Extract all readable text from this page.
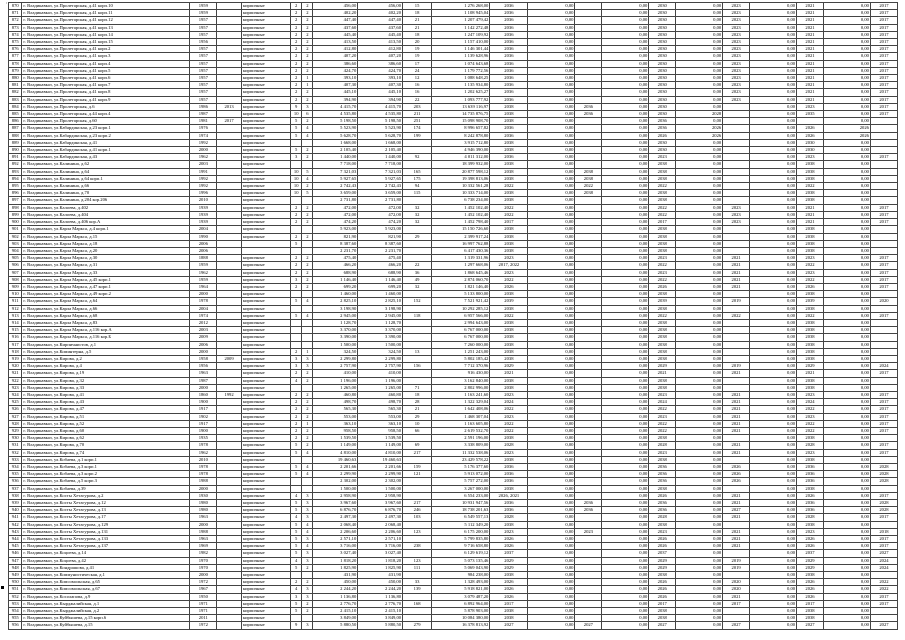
' 870	г. Владикавказ, ул.Пролетарская, д.41 корп.10	1959		кирпичные	2	2	456,00	456,00	15	1 276 268,00	2036	0,00		0,00	2030	0,00	2023	0,00	2021	0,00	2017
871	г. Владикавказ, ул.Пролетарская, д.41 корп.11	1959		кирпичные	2	2	402,20	402,20	18	1 108 945,04	2036	0,00		0,00	2030	0,00	2023	0,00	2021	0,00	2017
872	г. Владикавказ, ул.Пролетарская, д.41 корп.12	1957		кирпичные	2	2	447,40	447,40	21	1 207 479,42	2036	0,00		0,00	2030	0,00	2023	0,00	2021	0,00	2017
873	г. Владикавказ, ул.Пролетарская, д.41 корп.13	1957		кирпичные	2	2	437,60	437,60	21	1 142 272,48	2036	0,00		0,00	2030	0,00	2023	0,00	2021	0,00	2017
874	г. Владикавказ, ул.Пролетарская, д.41 корп.14	1957		кирпичные	2	2	445,40	445,40	18	1 247 109,92	2036	0,00		0,00	2030	0,00	2023	0,00	2021	0,00	2017
875	г. Владикавказ, ул.Пролетарская, д.41 корп.15	1956		кирпичные	2	2	413,50	413,50	20	1 157 410,00	2036	0,00		0,00	2030	0,00	2023	0,00	2021	0,00	2017
876	г. Владикавказ, ул.Пролетарская, д.41 корп.2	1957		кирпичные	2	2	412,80	412,80	19	1 146 301,44	2036	0,00		0,00	2030	0,00	2023	0,00	2021	0,00	2017
877	г. Владикавказ, ул.Пролетарская, д.41 корп.3	1957		кирпичные	2	2	407,20	407,20	19	1 139 628,96	2036	0,00		0,00	2030	0,00	2023	0,00	2021	0,00	2017
878	г. Владикавказ, ул.Пролетарская, д.41 корп.4	1957		кирпичные	2	2	386,60	386,60	17	1 074 643,68	2036	0,00		0,00	2030	0,00	2023	0,00	2021	0,00	2017
879	г. Владикавказ, ул.Пролетарская, д.41 корп.5	1957		кирпичные	2	2	424,70	424,70	24	1 179 772,56	2036	0,00		0,00	2030	0,00	2023	0,00	2021	0,00	2017
880	г. Владикавказ, ул.Пролетарская, д.41 корп.6	1957		кирпичные	2	1	393,10	393,10	12	1 088 648,25	2036	0,00		0,00	2030	0,00	2023	0,00	2021	0,00	2017
881	г. Владикавказ, ул.Пролетарская, д.41 корп.7	1957		кирпичные	2	1	407,30	407,30	16	1 135 934,80	2036	0,00		0,00	2030	0,00	2023	0,00	2021	0,00	2017
882	г. Владикавказ, ул.Пролетарская, д.41 корп.8	1957		кирпичные	2	2	445,10	445,10	16	1 202 625,27	2036	0,00		0,00	2030	0,00	2023	0,00	2021	0,00	2017
883	г. Владикавказ, ул.Пролетарская, д.41 корп.9	1957		кирпичные	2	2	394,90	394,90	22	1 093 777,92	2036	0,00		0,00	2030	0,00	2023	0,00	2021	0,00	2017
884	г. Владикавказ, ул.Пролетарская, д.6	1986	2013	кирпичные	9	3	4 415,70	4 415,70	203	13 639 116,97	2038	0,00	2036	0,00	2030	0,00		0,00	2023	0,00	2017
885	г. Владикавказ, ул.Пролетарская, д.44 корп.4	1987		кирпичные	10	6	4 535,80	4 535,80	211	14 735 876,75	2038	0,00	2036	0,00	2030	2028		0,00	2035	0,00	2017
886	г. Владикавказ, ул.Пролетарская, д.60	1981	2017	кирпичные	5	2	5 198,50	5 198,50	251	15 098 908,70	2038	0,00		0,00	2036	0,00		0,00		0,00	
887	г. Владикавказ, ул.Кабардинская, д.23 корп.1	1976		кирпичные	5	4	5 523,90	5 523,90	174	8 996 657,82	2036	0,00		0,00	2036	2026		0,00	2026	2026	
888	г. Владикавказ, ул.Кабардинская, д.23 корп.2	1974		кирпичные	5	4	5 628,70	5 628,70	199	8 242 878,80	2036	0,00		0,00	2026	2026		0,00	2026	2026	
889	г. Владикавказ, ул.Кабардинская, д.41	1992		кирпичные			1 668,00	1 668,00		3 915 712,80	2038	0,00		0,00	2030	0,00		0,00	2030	0,00	
890	г. Владикавказ, ул.Кабардинская, д.41 корп.1	2000		кирпичные	5	2	2 105,40	2 105,40		4 946 390,00	2038	0,00		0,00	2030	0,00		0,00	2030	0,00	
891	г. Владикавказ, ул.Кабардинская, д.43	1962		кирпичные	3	2	1 440,00	1 440,00	92	4 011 312,00	2036	0,00		0,00	2023	0,00		0,00	2023	0,00	2017
892	г. Владикавказ, ул.Калинина, д.62	2003		кирпичные			7 718,00	7 718,00		18 399 932,00	2038	0,00		0,00	2038	0,00		0,00	2038	0,00	
893	г. Владикавказ, ул.Калинина, д.64	1991		кирпичные	10	5	7 321,03	7 321,03	165	20 877 598,12	2038	0,00	2038	0,00	2038	0,00		0,00	2038	0,00	
894	г. Владикавказ, ул.Калинина, д.64 корп.1	1992		кирпичные	10	4	5 927,65	5 927,65	175	19 398 813,06	2038	0,00	2038	0,00	2038	0,00		0,00	2038	0,00	
895	г. Владикавказ, ул.Калинина, д.66	1992		кирпичные	10	2	2 742,43	2 742,43	94	10 332 561,28	2022	0,00	2022	0,00	2022	0,00		0,00	2022	0,00	
896	г. Владикавказ, ул.Калинина, д.70	1996		кирпичные	10	5	3 659,00	3 659,00	115	10 333 714,00	2038	0,00	2038	0,00	2038	0,00		0,00	2038	0,00	
897	г. Владикавказ, ул.Калинина, д.204 кор.206	2010		кирпичные			2 731,80	2 731,80		6 738 234,00	2038	0,00		0,00	2038	0,00		0,00	2038	0,00	
898	г. Владикавказ, ул.Калоева, д.402	1939		кирпичные	2	2	472,00	472,00	32	1 452 102,40	2022	0,00		0,00	2022	0,00	2023	0,00	2021	0,00	2017
899	г. Владикавказ, ул.Калоева, д.404	1939		кирпичные	2	2	472,00	472,00	32	1 452 102,40	2022	0,00		0,00	2022	0,00	2023	0,00	2021	0,00	2017
900	г. Владикавказ, ул.Калоева, д.406 кор.А	1939		кирпичные	2	2	474,20	474,20	32	1 452 798,40	2017	0,00		0,00	2017	0,00	2023	0,00	2021	0,00	2017
901	г. Владикавказ, ул.Карла Маркса, д.4 корп.1	2004		кирпичные			5 923,00	5 923,00		15 150 726,60	2038	0,00		0,00	2038	0,00		0,00	2038	0,00	
902	г. Владикавказ, ул.Карла Маркса, д.15	1990		кирпичные	2	2	821,90	821,90	29	2 399 917,24	2038	0,00		0,00	2038	0,00		0,00	2038	0,00	
903	г. Владикавказ, ул.Карла Маркса, д.18	2006			5		8 387,60	8 387,60		16 997 762,88	2038	0,00		0,00	2038	0,00		0,00	2038	0,00	
904	г. Владикавказ, ул.Карла Маркса, д.20	2006					2 231,70	2 231,70		6 417 430,36	2038	0,00		0,00	2038	0,00		0,00	2038	0,00	
905	г. Владикавказ, ул.Карла Маркса, д.30	1888		кирпичные	2	2	475,40	475,40		1 319 331,96	2023	0,00		0,00	2023	0,00	2021	0,00	2023	0,00	2017
906	г. Владикавказ, ул.Карла Маркса, д.31	1959		кирпичные	2	2	466,20	466,20	22	1 297 668,06	2017, 2022	0,00		0,00	2022	0,00	2021	0,00	2022	0,00	2017
907	г. Владикавказ, ул.Карла Маркса, д.33	1962		кирпичные	2	2	688,90	688,90	36	1 868 645,46	2023	0,00		0,00	2023	0,00	2021	0,00	2023	0,00	2017
908	г. Владикавказ, ул.Карла Маркса, д.45 корп.1	1959		кирпичные	3	2	1 146,40	1 146,40	49	2 874 060,70	2022	0,00		0,00	2022	0,00	2021	0,00	2022	0,00	2017
909	г. Владикавказ, ул.Карла Маркса, д.47 корп.1	1964		кирпичные	2	2	699,20	699,20	32	1 821 146,40	2026	0,00		0,00	2026	0,00	2021	0,00	2026	0,00	2017
910	г. Владикавказ, ул.Карла Маркса, д.49 корп.2	2000		кирпичные			1 460,00	1 460,00		5 133 800,00	2038	0,00		0,00	2038	0,00		0,00	2038	0,00	
911	г. Владикавказ, ул.Карла Маркса, д.64	1978		кирпичные	5	4	2 825,10	2 825,10	152	7 521 921,42	2039	0,00		0,00	2039	0,00	2019	0,00	2039	0,00	2020
912	г. Владикавказ, ул.Карла Маркса, д.66	2004		кирпичные			3 198,90	3 198,90		10 292 285,12	2038	0,00		0,00	2038	0,00		0,00	2038	0,00	
913	г. Владикавказ, ул.Карла Маркса, д.68	1974		кирпичные	5	4	2 945,00	2 945,00	118	6 957 566,00	2022	0,00		0,00	2022	0,00	2022	0,00	2022	0,00	2017
914	г. Владикавказ, ул.Карла Маркса, д.83	2012		кирпичные			1 128,70	1 128,70		2 994 643,00	2038	0,00		0,00	2038	0,00		0,00	2038	0,00	
915	г. Владикавказ, ул.Карла Маркса, д.116 кор.А	2003		кирпичные			3 370,00	3 370,00		6 767 000,00	2038	0,00		0,00	2038	0,00		0,00	2038	0,00	
916	г. Владикавказ, ул.Карла Маркса, д.116 кор.Б	2009		кирпичные			3 390,00	3 390,00		6 767 000,00	2038	0,00		0,00	2038	0,00		0,00	2038	0,00	
917	г. Владикавказ, ул.Кирпичнистов, д.1	2006		кирпичные			1 500,00	1 500,00		7 260 000,00	2038	0,00		0,00	2038	0,00		0,00	2038	0,00	
918	г. Владикавказ, ул.Коминтерна, д.5	2000		кирпичные	2	1	324,50	324,50	13	1 251 243,00	2038	0,00		0,00	2038	0,00		0,00	2038	0,00	
919	г. Владикавказ, ул.Кирова, д.2	1958	2009	кирпичные	3	3	2 299,80	2 299,80		5 802 185,42	2038	0,00		0,00	2038	0,00		0,00	2038	0,00	
920	г. Владикавказ, ул.Кирова, д.4	1956		кирпичные	3	3	2 757,90	2 757,90	156	7 712 370,96	2029	0,00		0,00	2029	0,00	2019	0,00	2029	0,00	2024
921	г. Владикавказ, ул.Кирова, д.19	1963		кирпичные	2	2	410,00	410,00		916 430,00	2021	0,00		0,00	2021	0,00	2021	0,00	2021	0,00	2017
922	г. Владикавказ, ул.Кирова, д.32	1987		кирпичные	4	2	1 196,00	1 196,00		3 162 840,00	2038	0,00		0,00	2038	0,00		0,00	2038	0,00	
923	г. Владикавказ, ул.Кирова, д.33	2000		кирпичные			1 265,00	1 265,00	71	2 802 996,00	2038	0,00		0,00	2038	0,00		0,00	2038	0,00	
924	г. Владикавказ, ул.Кирова, д.41	1860	1992	кирпичные	2	2	460,80	460,80	18	1 163 241,60	2023	0,00		0,00	2023	0,00	2021	0,00	2023	0,00	2017
925	г. Владикавказ, ул.Кирова, д.43	1900		кирпичные	2	2	498,70	498,70	28	1 322 329,04	2024	0,00		0,00	2024	0,00	2021	0,00	2024	0,00	2017
926	г. Владикавказ, ул.Кирова, д.47	1917		кирпичные	2	2	565,30	565,30	21	1 642 408,06	2022	0,00		0,00	2022	0,00	2021	0,00	2022	0,00	2017
927	г. Владикавказ, ул.Кирова, д.51	1902		кирпичные	2	2	553,00	553,00	29	1 468 307,04	2023	0,00		0,00	2023	0,00	2021	0,00	2023	0,00	2017
928	г. Владикавказ, ул.Кирова, д.52	1917		кирпичные	2	1	363,10	363,10	10	1 163 605,80	2022	0,00		0,00	2022	0,00	2021	0,00	2022	0,00	2017
929	г. Владикавказ, ул.Кирова, д.60	1900		кирпичные	2	2	958,50	958,50	66	2 619 532,70	2022	0,00		0,00	2022	0,00	2021	0,00	2022	0,00	2017
930	г. Владикавказ, ул.Кирова, д.62	1935		кирпичные	2	2	1 539,50	1 539,50		2 591 196,00	2038	0,00		0,00	2038	0,00		0,00	2038	0,00	
931	г. Владикавказ, ул.Кирова, д.70	1978		кирпичные	5	2	1 149,00	1 149,00	69	3 338 809,00	2028	0,00		0,00	2028	0,00	2021	0,00	2028	0,00	2017
932	г. Владикавказ, ул.Кирова, д.74	1962		кирпичные	5	4	4 810,00	4 810,00	217	11 332 538,06	2023	0,00		0,00	2023	0,00	2021	0,00	2023	0,00	2017
933	г. Владикавказ, ул.Кобаева, д.1 корп.1	2010		кирпичные			19 460,63	19 460,63		23 429 578,22	2038	0,00		0,00	2038	0,00		0,00	2038	0,00	
934	г. Владикавказ, ул.Кобаева, д.3 корп.1	1978		кирпичные	5	4	2 201,66	2 201,66	159	5 176 377,60	2036	0,00		0,00	2036	0,00	2026	0,00	2036	0,00	2028
935	г. Владикавказ, ул.Кобаева, д.3 корп.2	1978		кирпичные	5	4	2 299,90	2 299,90	121	5 913 072,00	2036	0,00		0,00	2036	0,00	2026	0,00	2036	0,00	2028
936	г. Владикавказ, ул.Кобаева, д.5 корп.3	1988		кирпичные			2 302,00	2 302,00		5 757 272,00	2036	0,00		0,00	2036	0,00	2026	0,00	2036	0,00	2028
937	г. Владикавказ, ул.Кобаева, д.39	2000		кирпичные			1 500,00	1 500,00		3 267 000,00	2038	0,00		0,00	2038	0,00		0,00	2038	0,00	
938	г. Владикавказ, ул.Косты Хетагурова, д.2	1930		кирпичные	4	3	2 958,90	2 958,90		6 554 233,00	2026, 2021	0,00		0,00	2026	0,00	2021	0,00	2026	0,00	2017
939	г. Владикавказ, ул.Косты Хетагурова, д.12	1980		кирпичные	5	3	3 967,60	3 967,60	217	10 931 947,56	2036	0,00	2036	0,00	2036	0,00	2021	0,00	2036	0,00	2028
940	г. Владикавказ, ул.Косты Хетагурова, д.13	1980		кирпичные	5	3	6 876,70	6 876,70	246	18 738 201,63	2036	0,00	2036	0,00	2036	0,00	2027	0,00	2036	0,00	2028
941	г. Владикавказ, ул.Косты Хетагурова, д.17	1963		кирпичные	4	3	2 497,30	2 497,30	103	6 549 557,13	2028	0,00		0,00	2028	0,00	2021	0,00	2028	0,00	2017
942	г. Владикавказ, ул.Косты Хетагурова, д.129	2000		кирпичные	5	4	2 068,40	2 068,40		5 112 349,20	2038	0,00		0,00	2038	0,00		0,00	2038	0,00	
943	г. Владикавказ, ул.Косты Хетагурова, д.131	1988		кирпичные	5	4	2 206,60	2 206,60	123	6 175 200,00	2023	0,00	2023	0,00	2023	0,00	2021	0,00	2023	0,00	2018
944	г. Владикавказ, ул.Косты Хетагурова, д.133	1963		кирпичные	5	3	2 571,10	2 571,10		5 799 835,80	2026	0,00		0,00	2026	0,00	2021	0,00	2026	0,00	2017
945	г. Владикавказ, ул.Косты Хетагурова, д.137	1969		кирпичные	5	4	3 716,00	3 716,00	238	9 716 658,80	2026	0,00		0,00	2026	0,00	2021	0,00	2026	0,00	2017
946	г. Владикавказ, ул.Коцоева, д.14	1982		кирпичные	5	3	3 027,40	3 027,40		6 129 619,12	2037	0,00		0,00	2037	0,00		0,00	2037	0,00	2027
947	г. Владикавказ, ул.Коцоева, д.42	1970		кирпичные	4	3	1 818,20	1 818,20	123	5 073 135,46	2029	0,00		0,00	2029	0,00	2019	0,00	2029	0,00	2024
948	г. Владикавказ, ул.Кондрашова, д.41	1970		кирпичные	5	2	1 825,90	1 825,90	111	5 069 043,90	2029	0,00		0,00	2029	0,00	2019	0,00	2029	0,00	2024
949	г. Владикавказ, ул.Коммунистическая, д.1	2000		кирпичные			431,90	431,90		984 238,00	2038	0,00		0,00	2038	0,00		0,00	2038	0,00	
950	г. Владикавказ, ул.Комсомольская, д.65	1972		кирпичные	2	2	450,00	450,00	33	1 328 493,00	2026	0,00		0,00	2026	0,00	2020	0,00	2026	0,00	2022
951	г. Владикавказ, ул.Комсомольская, д.67	1967		кирпичные	4	3	2 244,20	2 244,20	139	5 918 821,00	2026	0,00		0,00	2026	0,00	2020	0,00	2026	0,00	2022
952	г. Владикавказ, ул.Косолапова, д.9	1950		кирпичные	3	3	1 136,80	1 136,80		3 079 487,20	2026	0,00		0,00	2026	0,00	2021	0,00	2026	0,00	2017
953	г. Владикавказ, ул.Кырджалийская, д.1	1971		кирпичные	5	2	2 776,70	2 776,70	168	6 892 964,00	2017	0,00		0,00	2017	0,00	2017	0,00	2017	0,00	2017
954	г. Владикавказ, ул.Кырджалийская, д.2	1971		кирпичные	5	2	2 415,10	2 415,10		5 878 903,00	2038	0,00		0,00	2038	0,00		0,00	2038	0,00	
955	г. Владикавказ, ул.Куйбышева, д.15 корп.6	2011		кирпичные			3 849,00	3 849,00		10 084 380,00	2038	0,00		0,00	2038	0,00		0,00	2038	0,00	
956	г. Владикавказ, ул.Куйбышева, д.15	1972		кирпичные	9	3	5 880,50	5 880,50	279	16 378 813,92	2027	0,00	2027	0,00	2027	0,00	2027	0,00	2027	0,00	2027
